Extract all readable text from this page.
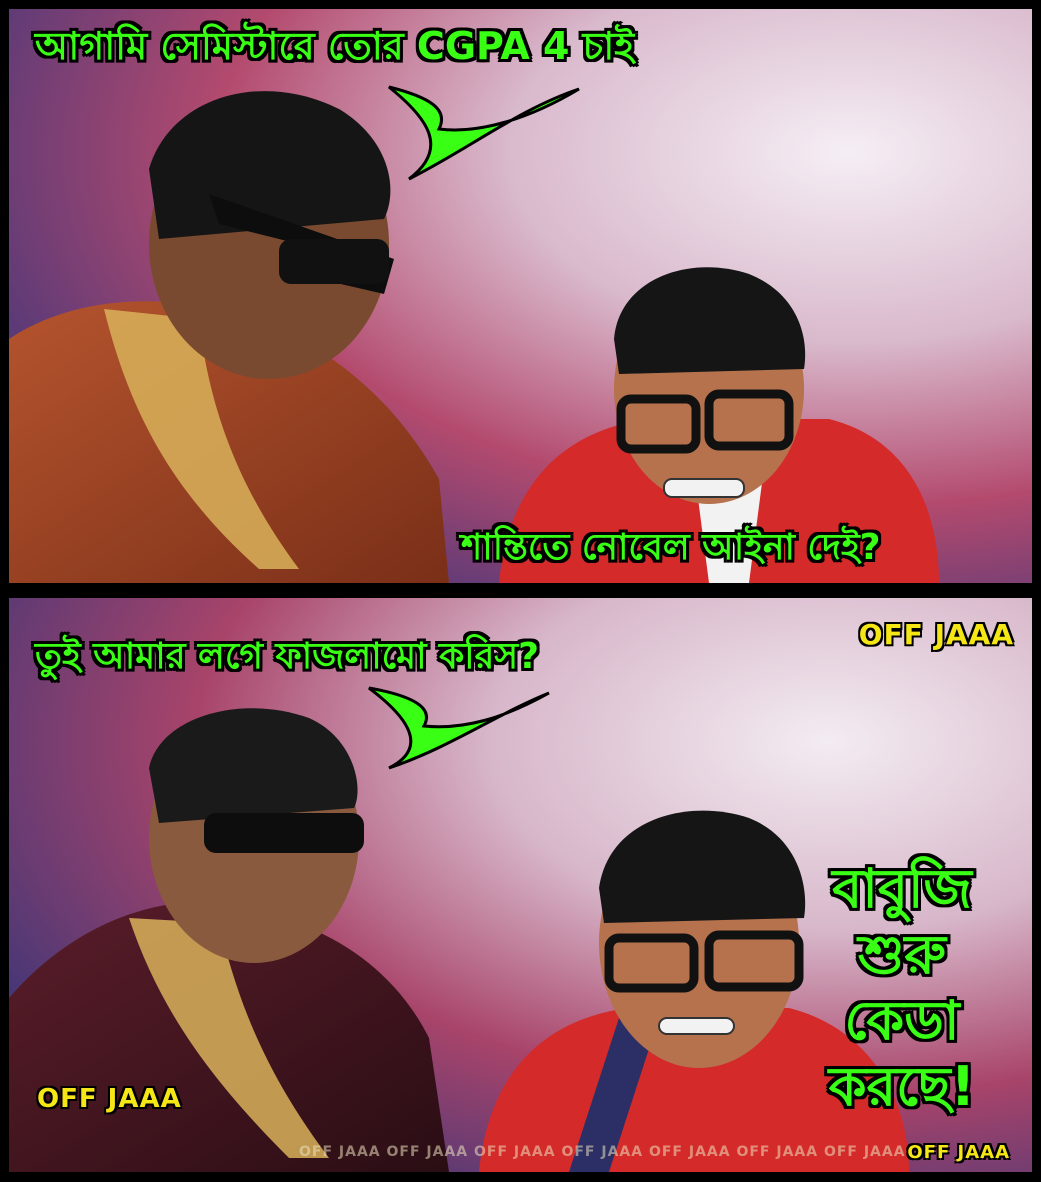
আগামি সেমিস্টারে তোর CGPA 4 চাই
শান্তিতে নোবেল আইনা দেই?
তুই আমার লগে ফাজলামো করিস?
বাবুজি
শুরু
কেডা
করছে!
OFF JAAA
OFF JAAA
OFF JAAA OFF JAAA OFF JAAA OFF JAAA OFF JAAA OFF JAAA OFF JAAA OFF JAAA
